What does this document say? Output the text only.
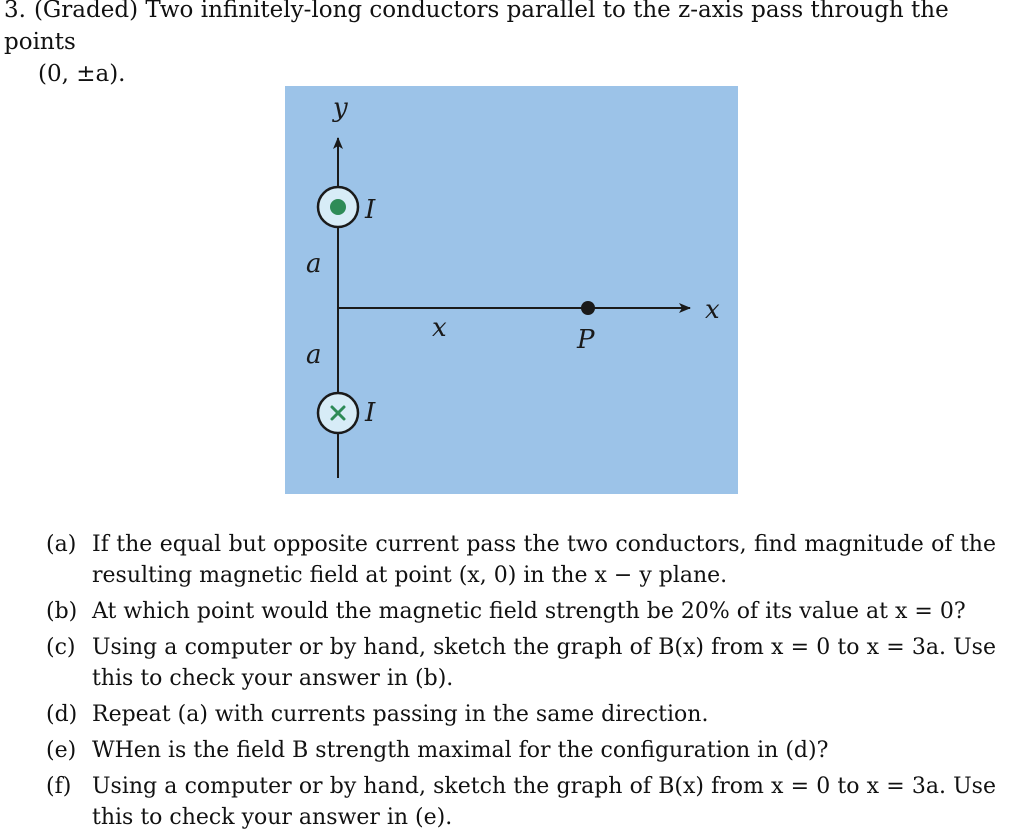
3. (Graded) Two infinitely-long conductors parallel to the z-axis pass through the points
(0, ±a).
y
x
I
I
a
a
x	P
(a) If the equal but opposite current pass the two conductors, find magnitude of the resulting magnetic field at point (x, 0) in the x − y plane.
(b) At which point would the magnetic field strength be 20% of its value at x = 0?
(c) Using a computer or by hand, sketch the graph of B(x) from x = 0 to x = 3a. Use this to check your answer in (b).
(d) Repeat (a) with currents passing in the same direction.
(e) WHen is the field B strength maximal for the configuration in (d)?
(f) Using a computer or by hand, sketch the graph of B(x) from x = 0 to x = 3a. Use this to check your answer in (e).
